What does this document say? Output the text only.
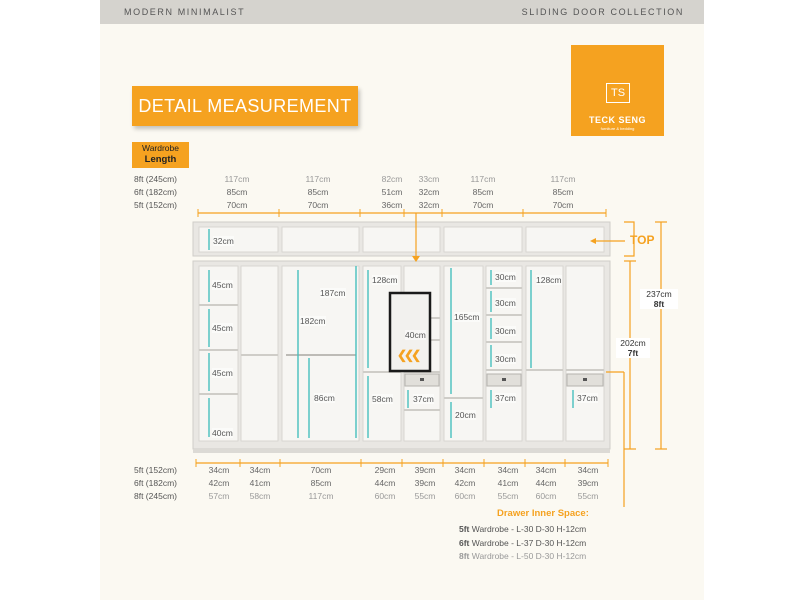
MODERN MINIMALIST	SLIDING DOOR COLLECTION
DETAIL MEASUREMENT
TS
TECK SENG
furniture & bedding
Wardrobe
Length
8ft (245cm)
6ft (182cm)
5ft (152cm)
117cm	117cm	82cm 33cm	117cm	117cm
85cm	85cm	51cm 32cm	85cm	85cm
70cm	70cm	36cm 32cm	70cm	70cm
❮❮❮
32cm
45cm
45cm
45cm
40cm
187cm
182cm
86cm
128cm
58cm
40cm
37cm
165cm
20cm
30cm
30cm
30cm
30cm
37cm
128cm
37cm
TOP
237cm
8ft
202cm
7ft
5ft (152cm)
6ft (182cm)
8ft (245cm)
34cm 34cm	70cm	29cm 39cm 34cm	34cm 34cm 34cm
42cm 41cm	85cm	44cm 39cm 42cm	41cm 44cm 39cm
57cm 58cm	117cm	60cm 55cm 60cm	55cm 60cm 55cm
Drawer Inner Space:
5ft Wardrobe - L-30 D-30 H-12cm
6ft Wardrobe - L-37 D-30 H-12cm
8ft Wardrobe - L-50 D-30 H-12cm
